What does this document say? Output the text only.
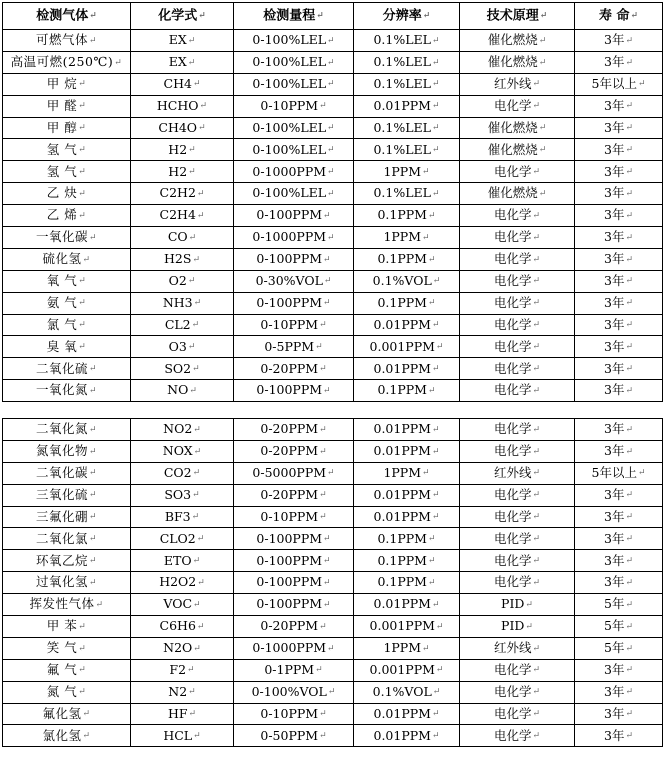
检测气体↵	化学式↵	检测量程↵	分辨率↵	技术原理↵	寿 命↵
可燃气体↵	EX↵	0-100%LEL↵	0.1%LEL↵	催化燃烧↵	3年↵
高温可燃(250℃)↵	EX↵	0-100%LEL↵	0.1%LEL↵	催化燃烧↵	3年↵
甲 烷↵	CH4↵	0-100%LEL↵	0.1%LEL↵	红外线↵	5年以上↵
甲 醛↵	HCHO↵	0-10PPM↵	0.01PPM↵	电化学↵	3年↵
甲 醇↵	CH4O↵	0-100%LEL↵	0.1%LEL↵	催化燃烧↵	3年↵
氢 气↵	H2↵	0-100%LEL↵	0.1%LEL↵	催化燃烧↵	3年↵
氢 气↵	H2↵	0-1000PPM↵	1PPM↵	电化学↵	3年↵
乙 炔↵	C2H2↵	0-100%LEL↵	0.1%LEL↵	催化燃烧↵	3年↵
乙 烯↵	C2H4↵	0-100PPM↵	0.1PPM↵	电化学↵	3年↵
一氧化碳↵	CO↵	0-1000PPM↵	1PPM↵	电化学↵	3年↵
硫化氢↵	H2S↵	0-100PPM↵	0.1PPM↵	电化学↵	3年↵
氧 气↵	O2↵	0-30%VOL↵	0.1%VOL↵	电化学↵	3年↵
氨 气↵	NH3↵	0-100PPM↵	0.1PPM↵	电化学↵	3年↵
氯 气↵	CL2↵	0-10PPM↵	0.01PPM↵	电化学↵	3年↵
臭 氧↵	O3↵	0-5PPM↵	0.001PPM↵	电化学↵	3年↵
二氧化硫↵	SO2↵	0-20PPM↵	0.01PPM↵	电化学↵	3年↵
一氧化氮↵	NO↵	0-100PPM↵	0.1PPM↵	电化学↵	3年↵
二氧化氮↵	NO2↵	0-20PPM↵	0.01PPM↵	电化学↵	3年↵
氮氧化物↵	NOX↵	0-20PPM↵	0.01PPM↵	电化学↵	3年↵
二氧化碳↵	CO2↵	0-5000PPM↵	1PPM↵	红外线↵	5年以上↵
三氧化硫↵	SO3↵	0-20PPM↵	0.01PPM↵	电化学↵	3年↵
三氟化硼↵	BF3↵	0-10PPM↵	0.01PPM↵	电化学↵	3年↵
二氧化氯↵	CLO2↵	0-100PPM↵	0.1PPM↵	电化学↵	3年↵
环氧乙烷↵	ETO↵	0-100PPM↵	0.1PPM↵	电化学↵	3年↵
过氧化氢↵	H2O2↵	0-100PPM↵	0.1PPM↵	电化学↵	3年↵
挥发性气体↵	VOC↵	0-100PPM↵	0.01PPM↵	PID↵	5年↵
甲 苯↵	C6H6↵	0-20PPM↵	0.001PPM↵	PID↵	5年↵
笑 气↵	N2O↵	0-1000PPM↵	1PPM↵	红外线↵	5年↵
氟 气↵	F2↵	0-1PPM↵	0.001PPM↵	电化学↵	3年↵
氮 气↵	N2↵	0-100%VOL↵	0.1%VOL↵	电化学↵	3年↵
氟化氢↵	HF↵	0-10PPM↵	0.01PPM↵	电化学↵	3年↵
氯化氢↵	HCL↵	0-50PPM↵	0.01PPM↵	电化学↵	3年↵
